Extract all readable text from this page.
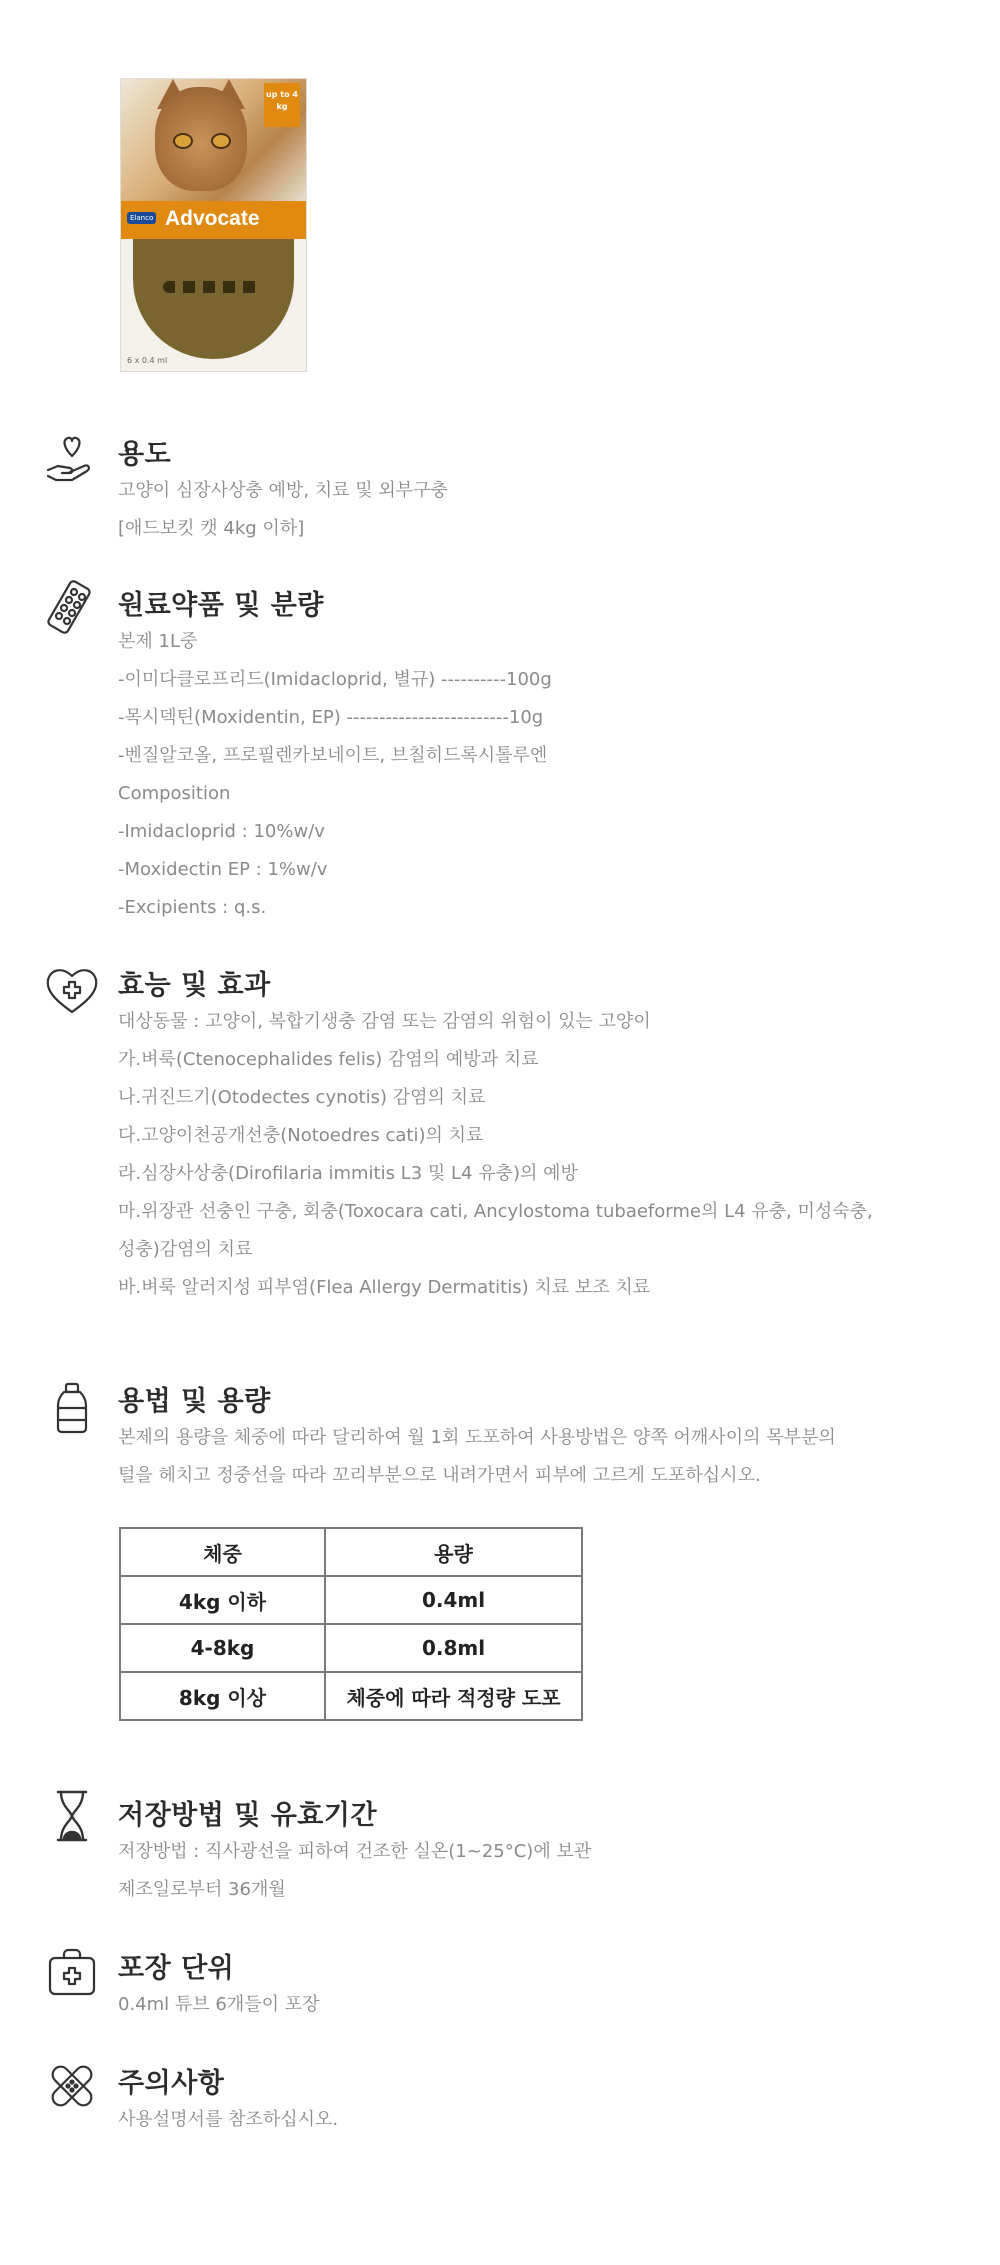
up to 4 kg
Elanco Advocate
6 x 0.4 ml
용도

고양이 심장사상충 예방, 치료 및 외부구충

[애드보킷 캣 4kg 이하]

원료약품 및 분량

본제 1L중

-이미다클로프리드(Imidacloprid, 별규) ----------100g

-목시덱틴(Moxidentin, EP) -------------------------10g

-벤질알코올, 프로필렌카보네이트, 브칠히드록시톨루엔

Composition

-Imidacloprid : 10%w/v

-Moxidectin EP : 1%w/v

-Excipients : q.s.

효능 및 효과

대상동물 : 고양이, 복합기생충 감염 또는 감염의 위험이 있는 고양이

가.벼룩(Ctenocephalides felis) 감염의 예방과 치료

나.귀진드기(Otodectes cynotis) 감염의 치료

다.고양이천공개선충(Notoedres cati)의 치료

라.심장사상충(Dirofilaria immitis L3 및 L4 유충)의 예방

마.위장관 선충인 구충, 회충(Toxocara cati, Ancylostoma tubaeforme의 L4 유충, 미성숙충,

성충)감염의 치료

바.벼룩 알러지성 피부염(Flea Allergy Dermatitis) 치료 보조 치료

용법 및 용량

본제의 용량을 체중에 따라 달리하여 월 1회 도포하여 사용방법은 양쪽 어깨사이의 목부분의

털을 헤치고 정중선을 따라 꼬리부분으로 내려가면서 피부에 고르게 도포하십시오.

체중	용량
4kg 이하	0.4ml
4-8kg	0.8ml
8kg 이상	체중에 따라 적정량 도포
저장방법 및 유효기간

저장방법 : 직사광선을 피하여 건조한 실온(1~25°C)에 보관

제조일로부터 36개월

포장 단위

0.4ml 튜브 6개들이 포장

주의사항

사용설명서를 참조하십시오.
